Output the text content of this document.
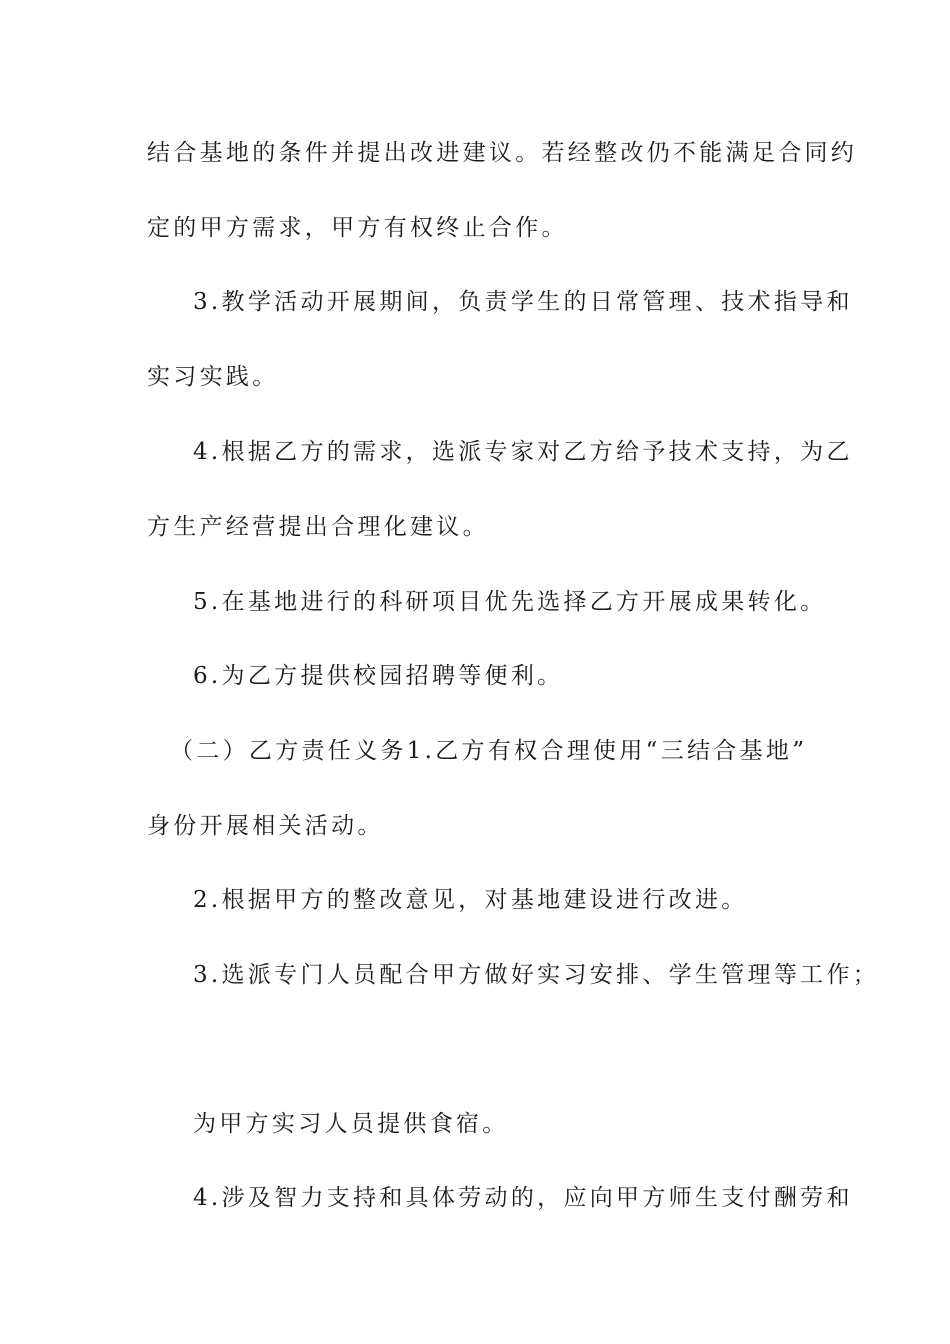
结合基地的条件并提出改进建议。若经整改仍不能满足合同约
定的甲方需求，甲方有权终止合作。
3.教学活动开展期间，负责学生的日常管理、技术指导和
实习实践。
4.根据乙方的需求，选派专家对乙方给予技术支持，为乙
方生产经营提出合理化建议。
5.在基地进行的科研项目优先选择乙方开展成果转化。
6.为乙方提供校园招聘等便利。
（二）乙方责任义务1.乙方有权合理使用“三结合基地”
身份开展相关活动。
2.根据甲方的整改意见，对基地建设进行改进。
3.选派专门人员配合甲方做好实习安排、学生管理等工作；
为甲方实习人员提供食宿。
4.涉及智力支持和具体劳动的，应向甲方师生支付酬劳和
